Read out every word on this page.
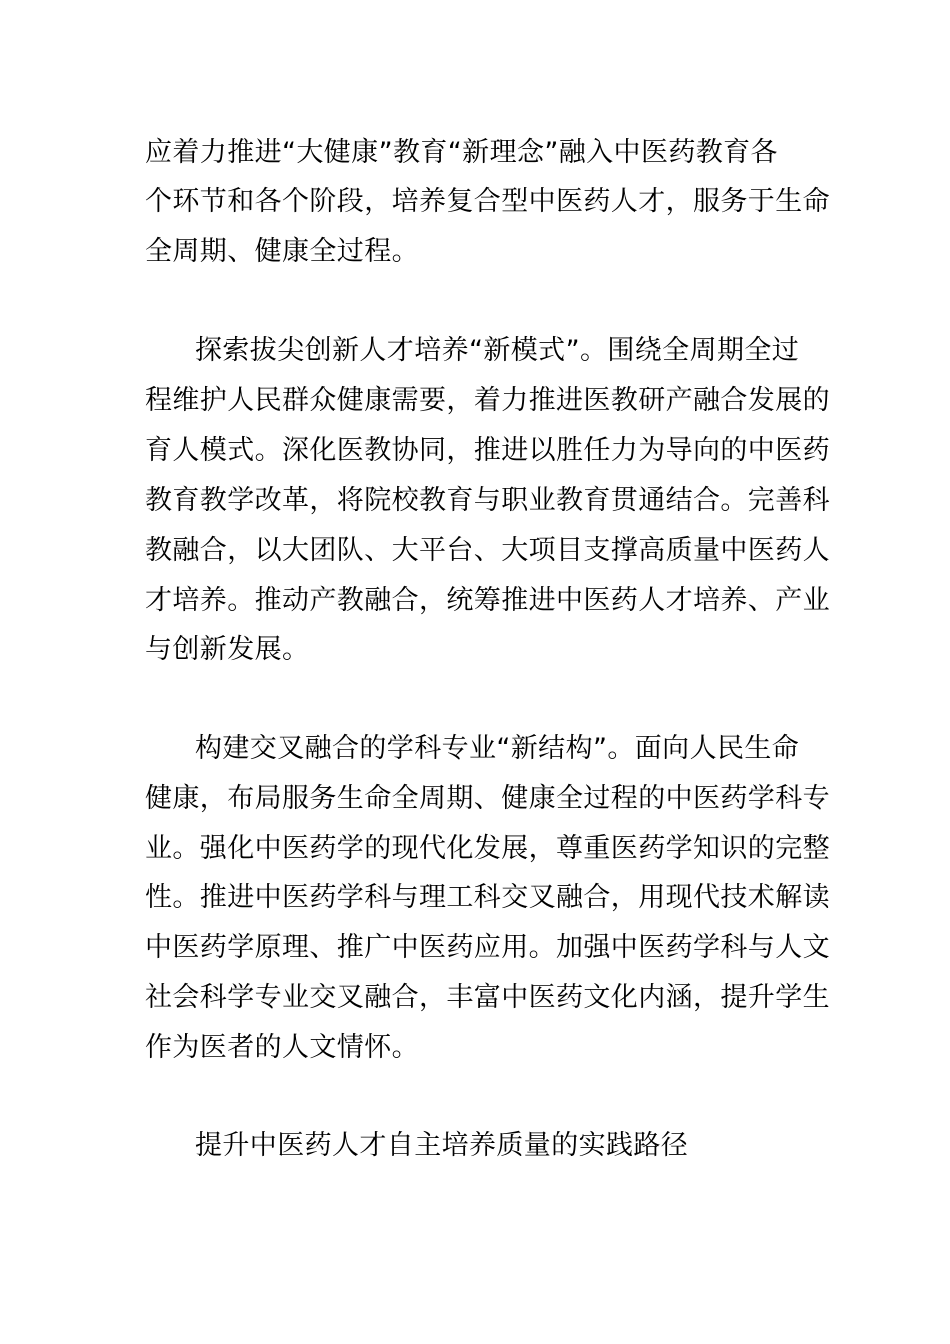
应着力推进“大健康”教育“新理念”融入中医药教育各
个环节和各个阶段，培养复合型中医药人才，服务于生命
全周期、健康全过程。
探索拔尖创新人才培养“新模式”。围绕全周期全过
程维护人民群众健康需要，着力推进医教研产融合发展的
育人模式。深化医教协同，推进以胜任力为导向的中医药
教育教学改革，将院校教育与职业教育贯通结合。完善科
教融合，以大团队、大平台、大项目支撑高质量中医药人
才培养。推动产教融合，统筹推进中医药人才培养、产业
与创新发展。
构建交叉融合的学科专业“新结构”。面向人民生命
健康，布局服务生命全周期、健康全过程的中医药学科专
业。强化中医药学的现代化发展，尊重医药学知识的完整
性。推进中医药学科与理工科交叉融合，用现代技术解读
中医药学原理、推广中医药应用。加强中医药学科与人文
社会科学专业交叉融合，丰富中医药文化内涵，提升学生
作为医者的人文情怀。
提升中医药人才自主培养质量的实践路径
